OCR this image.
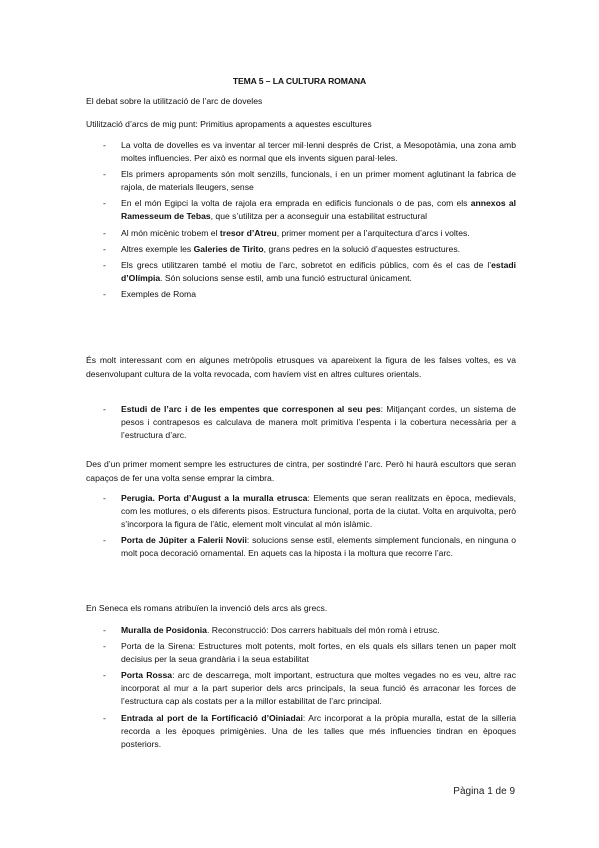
TEMA 5 – LA CULTURA ROMANA
El debat sobre la utilització de l’arc de doveles
Utilització d’arcs de mig punt: Primitius apropaments a aquestes escultures
- La volta de dovelles es va inventar al tercer mil·lenni després de Crist, a Mesopotàmia, una zona amb moltes influencies. Per això es normal que els invents siguen paral·leles.
- Els primers apropaments són molt senzills, funcionals, i en un primer moment aglutinant la fabrica de rajola, de materials lleugers, sense
- En el món Egipci la volta de rajola era emprada en edificis funcionals o de pas, com els annexos al Ramesseum de Tebas, que s’utilitza per a aconseguir una estabilitat estructural
- Al món micènic trobem el tresor d’Atreu, primer moment per a l’arquitectura d’arcs i voltes.
- Altres exemple les Galeries de Tirito, grans pedres en la solució d’aquestes estructures.
- Els grecs utilitzaren també el motiu de l’arc, sobretot en edificis públics, com és el cas de l’estadi d’Olímpia. Són solucions sense estil, amb una funció estructural únicament.
- Exemples de Roma
És molt interessant com en algunes metròpolis etrusques va apareixent la figura de les falses voltes, es va desenvolupant cultura de la volta revocada, com havíem vist en altres cultures orientals.
- Estudi de l’arc i de les empentes que corresponen al seu pes: Mitjançant cordes, un sistema de pesos i contrapesos es calculava de manera molt primitiva l’espenta i la cobertura necessària per a l’estructura d’arc.
Des d’un primer moment sempre les estructures de cintra, per sostindré l’arc. Però hi haurà escultors que seran capaços de fer una volta sense emprar la cimbra.
- Perugia. Porta d’August a la muralla etrusca: Elements que seran realitzats en època, medievals, com les motlures, o els diferents pisos. Estructura funcional, porta de la ciutat. Volta en arquivolta, però s’incorpora la figura de l’àtic, element molt vinculat al món islàmic.
- Porta de Júpiter a Falerii Novii: solucions sense estil, elements simplement funcionals, en ninguna o molt poca decoració ornamental. En aquets cas la hiposta i la moltura que recorre l’arc.
En Seneca els romans atribuïen la invenció dels arcs als grecs.
- Muralla de Posidonia. Reconstrucció: Dos carrers habituals del món romà i etrusc.
- Porta de la Sirena: Estructures molt potents, molt fortes, en els quals els sillars tenen un paper molt decisius per la seua grandària i la seua estabilitat
- Porta Rossa: arc de descarrega, molt important, estructura que moltes vegades no es veu, altre rac incorporat al mur a la part superior dels arcs principals, la seua funció és arraconar les forces de l’estructura cap als costats per a la millor estabilitat de l’arc principal.
- Entrada al port de la Fortificació d’Oiniadai: Arc incorporat a la pròpia muralla, estat de la silleria recorda a les èpoques primigènies. Una de les talles que més influencies tindran en èpoques posteriors.
Pàgina 1 de 9
